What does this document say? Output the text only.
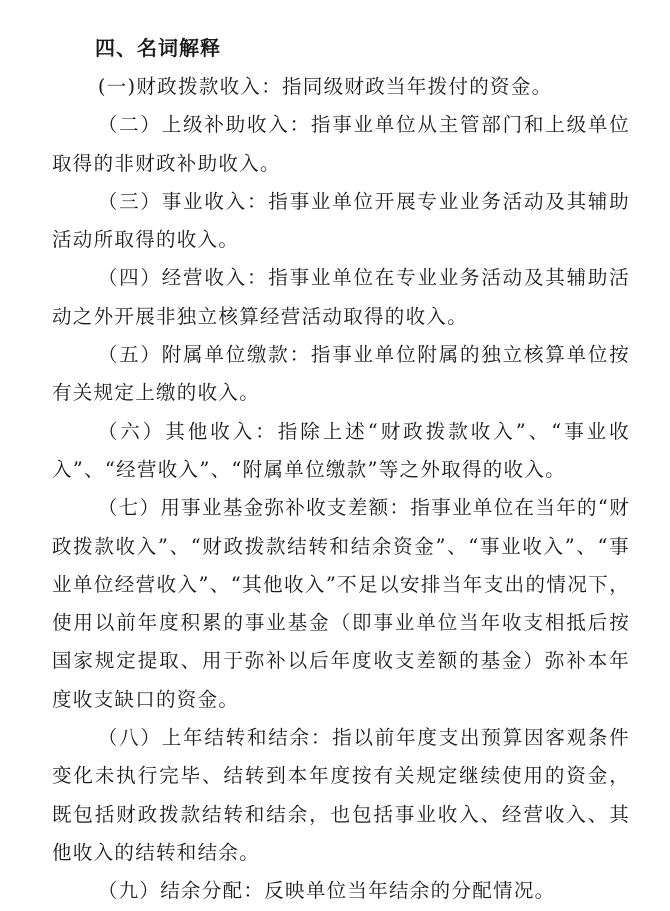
四、名词解释

(一)财政拨款收入：指同级财政当年拨付的资金。

（二）上级补助收入：指事业单位从主管部门和上级单位取得的非财政补助收入。

（三）事业收入：指事业单位开展专业业务活动及其辅助活动所取得的收入。

（四）经营收入：指事业单位在专业业务活动及其辅助活动之外开展非独立核算经营活动取得的收入。

（五）附属单位缴款：指事业单位附属的独立核算单位按有关规定上缴的收入。

（六）其他收入：指除上述“财政拨款收入”、“事业收入”、“经营收入”、“附属单位缴款”等之外取得的收入。

（七）用事业基金弥补收支差额：指事业单位在当年的“财政拨款收入”、“财政拨款结转和结余资金”、“事业收入”、“事业单位经营收入”、“其他收入”不足以安排当年支出的情况下，使用以前年度积累的事业基金（即事业单位当年收支相抵后按国家规定提取、用于弥补以后年度收支差额的基金）弥补本年度收支缺口的资金。

（八）上年结转和结余：指以前年度支出预算因客观条件变化未执行完毕、结转到本年度按有关规定继续使用的资金，既包括财政拨款结转和结余，也包括事业收入、经营收入、其他收入的结转和结余。

（九）结余分配：反映单位当年结余的分配情况。
